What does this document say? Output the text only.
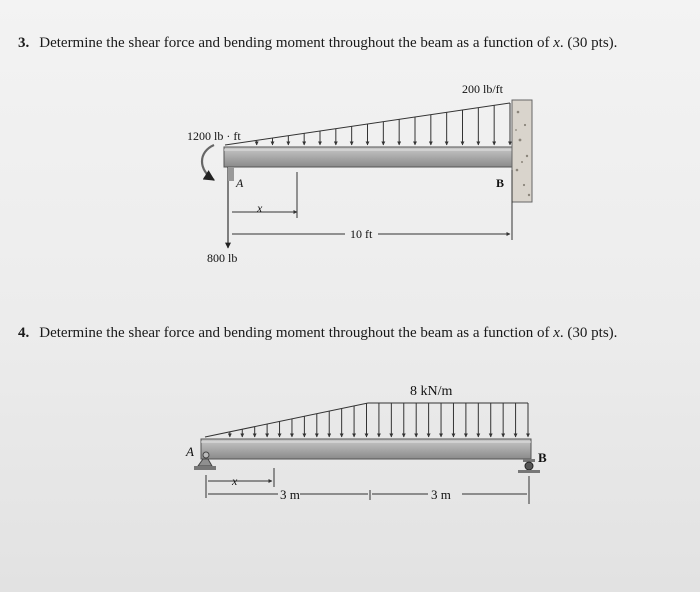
3. Determine the shear force and bending moment throughout the beam as a function of x. (30 pts).
4. Determine the shear force and bending moment throughout the beam as a function of x. (30 pts).
200 lb/ft
1200 lb · ft
A	B
x
10 ft
800 lb
8 kN/m
A	B
x
3 m	3 m
